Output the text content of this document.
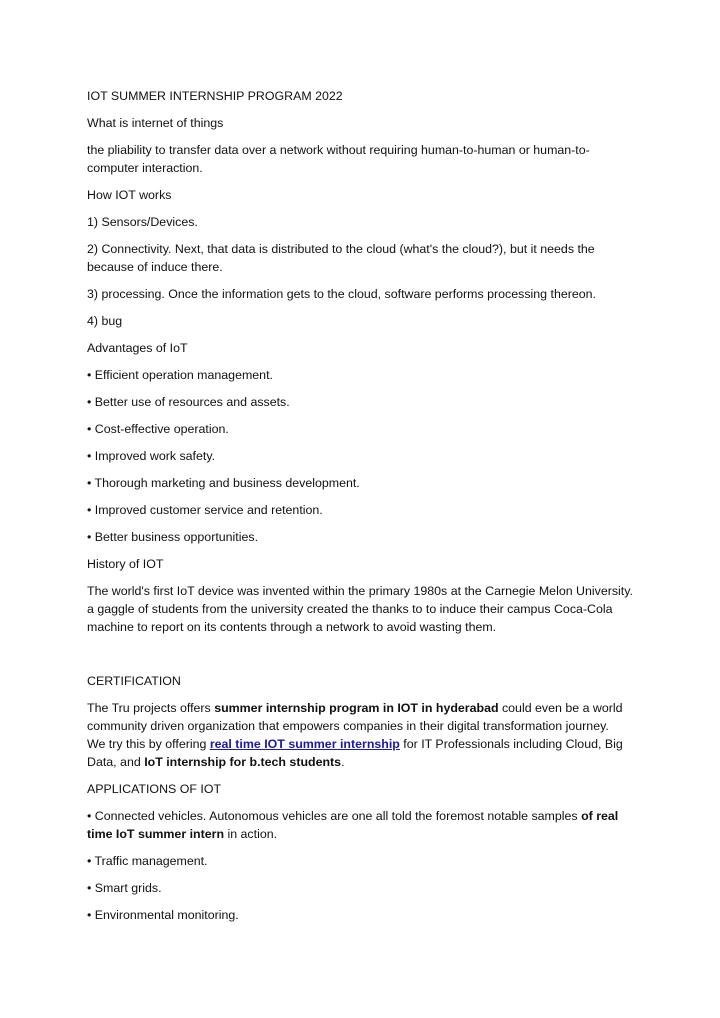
IOT SUMMER INTERNSHIP PROGRAM 2022

What is internet of things

the pliability to transfer data over a network without requiring human-to-human or human-to-
computer interaction.

How IOT works

1) Sensors/Devices.

2) Connectivity. Next, that data is distributed to the cloud (what's the cloud?), but it needs the
because of induce there.

3) processing. Once the information gets to the cloud, software performs processing thereon.

4) bug

Advantages of IoT

• Efficient operation management.

• Better use of resources and assets.

• Cost-effective operation.

• Improved work safety.

• Thorough marketing and business development.

• Improved customer service and retention.

• Better business opportunities.

History of IOT

The world's first IoT device was invented within the primary 1980s at the Carnegie Melon University.
a gaggle of students from the university created the thanks to to induce their campus Coca-Cola
machine to report on its contents through a network to avoid wasting them.

CERTIFICATION

The Tru projects offers summer internship program in IOT in hyderabad could even be a world
community driven organization that empowers companies in their digital transformation journey.
We try this by offering real time IOT summer internship for IT Professionals including Cloud, Big
Data, and IoT internship for b.tech students.

APPLICATIONS OF IOT

• Connected vehicles. Autonomous vehicles are one all told the foremost notable samples of real
time IoT summer intern in action.

• Traffic management.

• Smart grids.

• Environmental monitoring.
